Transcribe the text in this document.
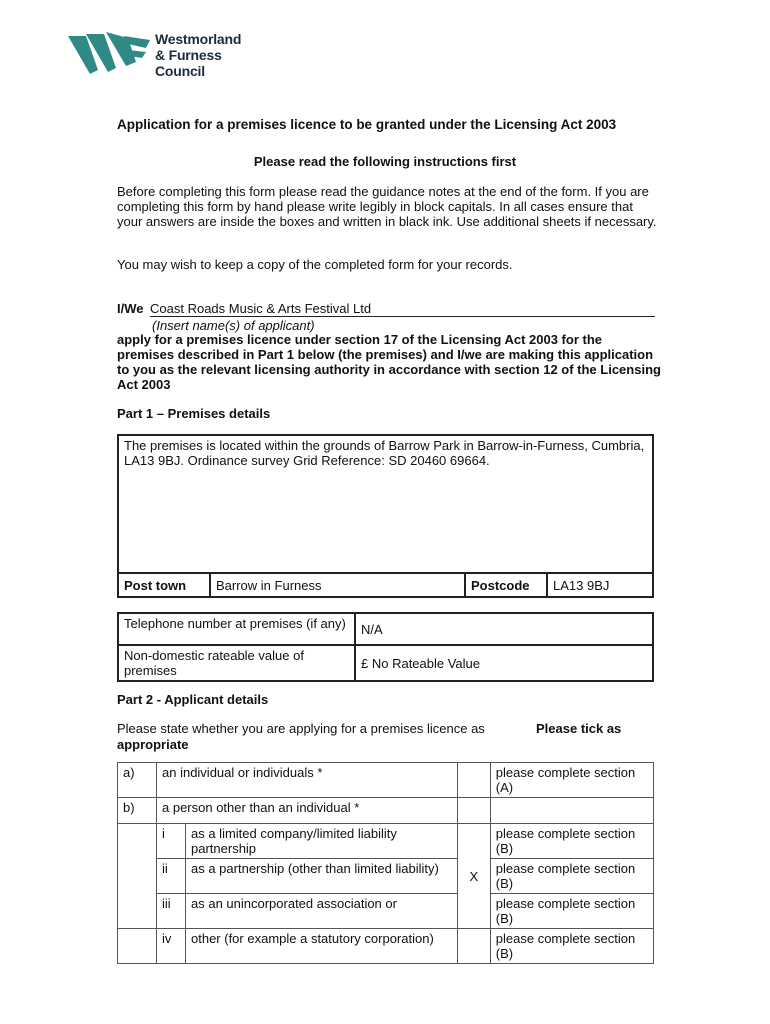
Westmorland
& Furness
Council
Application for a premises licence to be granted under the Licensing Act 2003
Please read the following instructions first
Before completing this form please read the guidance notes at the end of the form. If you are completing this form by hand please write legibly in block capitals. In all cases ensure that your answers are inside the boxes and written in black ink. Use additional sheets if necessary.
You may wish to keep a copy of the completed form for your records.
I/We Coast Roads Music & Arts Festival Ltd
(Insert name(s) of applicant)
apply for a premises licence under section 17 of the Licensing Act 2003 for the premises described in Part 1 below (the premises) and I/we are making this application to you as the relevant licensing authority in accordance with section 12 of the Licensing Act 2003
Part 1 – Premises details
The premises is located within the grounds of Barrow Park in Barrow-in-Furness, Cumbria, LA13 9BJ. Ordinance survey Grid Reference: SD 20460 69664.
Post town	Barrow in Furness	Postcode	LA13 9BJ
Telephone number at premises (if any)	N/A
Non-domestic rateable value of premises	£ No Rateable Value
Part 2 - Applicant details
Please state whether you are applying for a premises licence as	Please tick as
appropriate
a)	an individual or individuals *			please complete section (A)
b)	a person other than an individual *			
	i	as a limited company/limited liability partnership	X	please complete section (B)
	ii	as a partnership (other than limited liability)		please complete section (B)
	iii	as an unincorporated association or		please complete section (B)
	iv	other (for example a statutory corporation)		please complete section (B)
